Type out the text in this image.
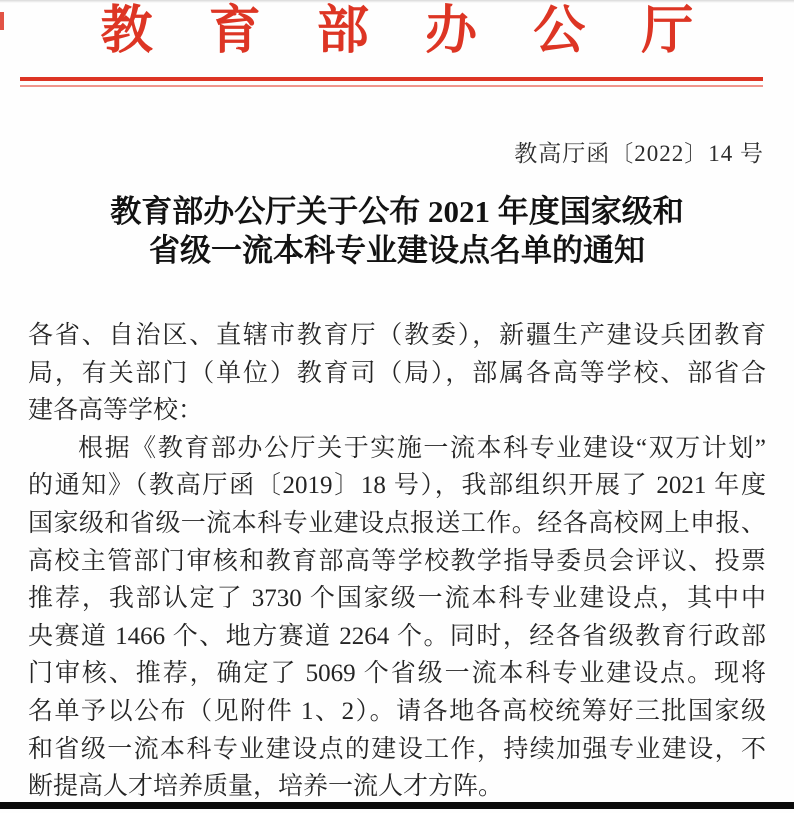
教育部办公厅
教高厅函〔2022〕14 号
教育部办公厅关于公布 2021 年度国家级和
省级一流本科专业建设点名单的通知
各省、自治区、直辖市教育厅（教委），新疆生产建设兵团教育
局，有关部门（单位）教育司（局），部属各高等学校、部省合
建各高等学校：
根据《教育部办公厅关于实施一流本科专业建设“双万计划”
的通知》（教高厅函〔2019〕18 号），我部组织开展了 2021 年度
国家级和省级一流本科专业建设点报送工作。经各高校网上申报、
高校主管部门审核和教育部高等学校教学指导委员会评议、投票
推荐，我部认定了 3730 个国家级一流本科专业建设点，其中中
央赛道 1466 个、地方赛道 2264 个。同时，经各省级教育行政部
门审核、推荐，确定了 5069 个省级一流本科专业建设点。现将
名单予以公布（见附件 1、2）。请各地各高校统筹好三批国家级
和省级一流本科专业建设点的建设工作，持续加强专业建设，不
断提高人才培养质量，培养一流人才方阵。
